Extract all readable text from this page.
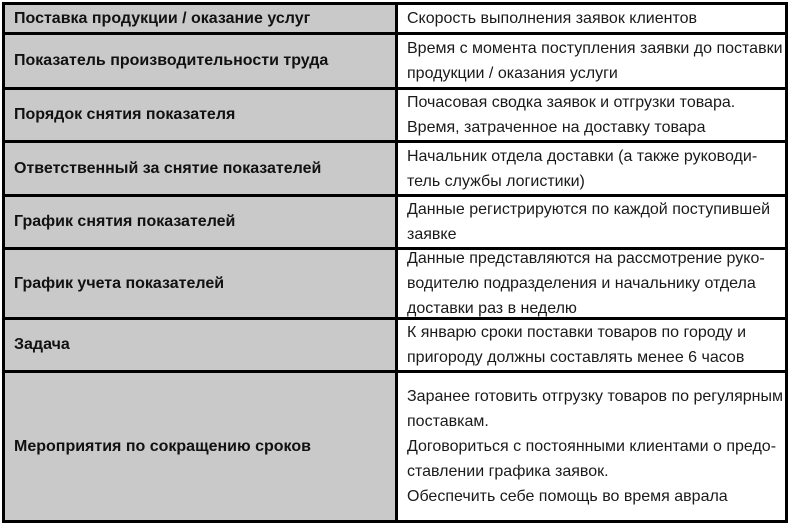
Поставка продукции / оказание услуг	Скорость выполнения заявок клиентов
Показатель производительности труда
Время с момента поступления заявки до поставки
продукции / оказания услуги
Порядок снятия показателя
Почасовая сводка заявок и отгрузки товара.
Время, затраченное на доставку товара
Ответственный за снятие показателей
Начальник отдела доставки (а также руководи-
тель службы логистики)
График снятия показателей
Данные регистрируются по каждой поступившей
заявке
График учета показателей
Данные представляются на рассмотрение руко-
водителю подразделения и начальнику отдела
доставки раз в неделю
Задача
К январю сроки поставки товаров по городу и
пригороду должны составлять менее 6 часов
Мероприятия по сокращению сроков
Заранее готовить отгрузку товаров по регулярным
поставкам.
Договориться с постоянными клиентами о предо-
ставлении графика заявок.
Обеспечить себе помощь во время аврала
